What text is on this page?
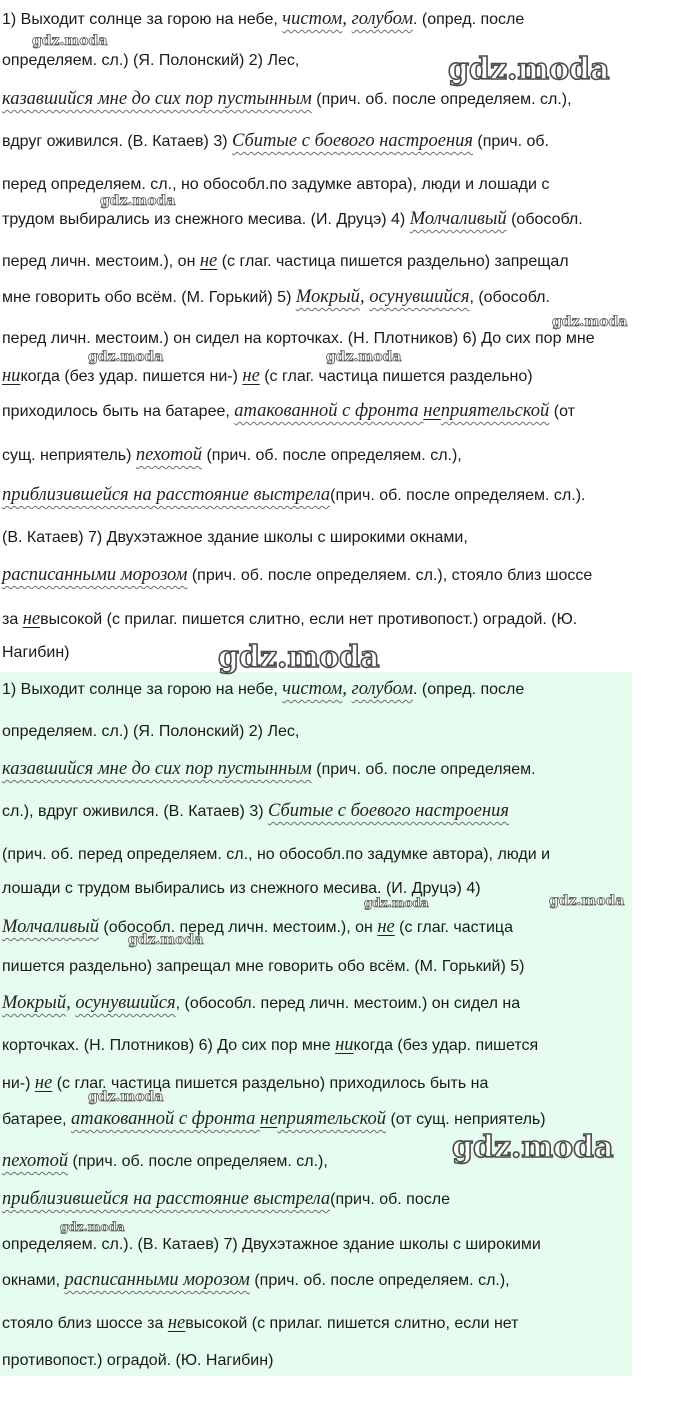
1) Выходит солнце за горою на небе, чистом, голубом. (опред. после
определяем. сл.) (Я. Полонский) 2) Лес,
казавшийся мне до сих пор пустынным (прич. об. после определяем. сл.),
вдруг оживился. (В. Катаев) 3) Сбитые с боевого настроения (прич. об.
перед определяем. сл., но обособл.по задумке автора), люди и лошади с
трудом выбирались из снежного месива. (И. Друцэ) 4) Молчаливый (обособл.
перед личн. местоим.), он не (с глаг. частица пишется раздельно) запрещал
мне говорить обо всём. (М. Горький) 5) Мокрый, осунувшийся, (обособл.
перед личн. местоим.) он сидел на корточках. (Н. Плотников) 6) До сих пор мне
никогда (без удар. пишется ни-) не (с глаг. частица пишется раздельно)
приходилось быть на батарее, атакованной с фронта неприятельской (от
сущ. неприятель) пехотой (прич. об. после определяем. сл.),
приблизившейся на расстояние выстрела(прич. об. после определяем. сл.).
(В. Катаев) 7) Двухэтажное здание школы с широкими окнами,
расписанными морозом (прич. об. после определяем. сл.), стояло близ шоссе
за невысокой (с прилаг. пишется слитно, если нет противопост.) оградой. (Ю.
Нагибин)
1) Выходит солнце за горою на небе, чистом, голубом. (опред. после
определяем. сл.) (Я. Полонский) 2) Лес,
казавшийся мне до сих пор пустынным (прич. об. после определяем.
сл.), вдруг оживился. (В. Катаев) 3) Сбитые с боевого настроения
(прич. об. перед определяем. сл., но обособл.по задумке автора), люди и
лошади с трудом выбирались из снежного месива. (И. Друцэ) 4)
Молчаливый (обособл. перед личн. местоим.), он не (с глаг. частица
пишется раздельно) запрещал мне говорить обо всём. (М. Горький) 5)
Мокрый, осунувшийся, (обособл. перед личн. местоим.) он сидел на
корточках. (Н. Плотников) 6) До сих пор мне никогда (без удар. пишется
ни-) не (с глаг. частица пишется раздельно) приходилось быть на
батарее, атакованной с фронта неприятельской (от сущ. неприятель)
пехотой (прич. об. после определяем. сл.),
приблизившейся на расстояние выстрела(прич. об. после
определяем. сл.). (В. Катаев) 7) Двухэтажное здание школы с широкими
окнами, расписанными морозом (прич. об. после определяем. сл.),
стояло близ шоссе за невысокой (с прилаг. пишется слитно, если нет
противопост.) оградой. (Ю. Нагибин)
gdz.moda
gdz.moda
gdz.moda
gdz.moda
gdz.moda	gdz.moda
gdz.moda
gdz.moda	gdz.moda
gdz.moda
gdz.moda
gdz.moda
gdz.moda
